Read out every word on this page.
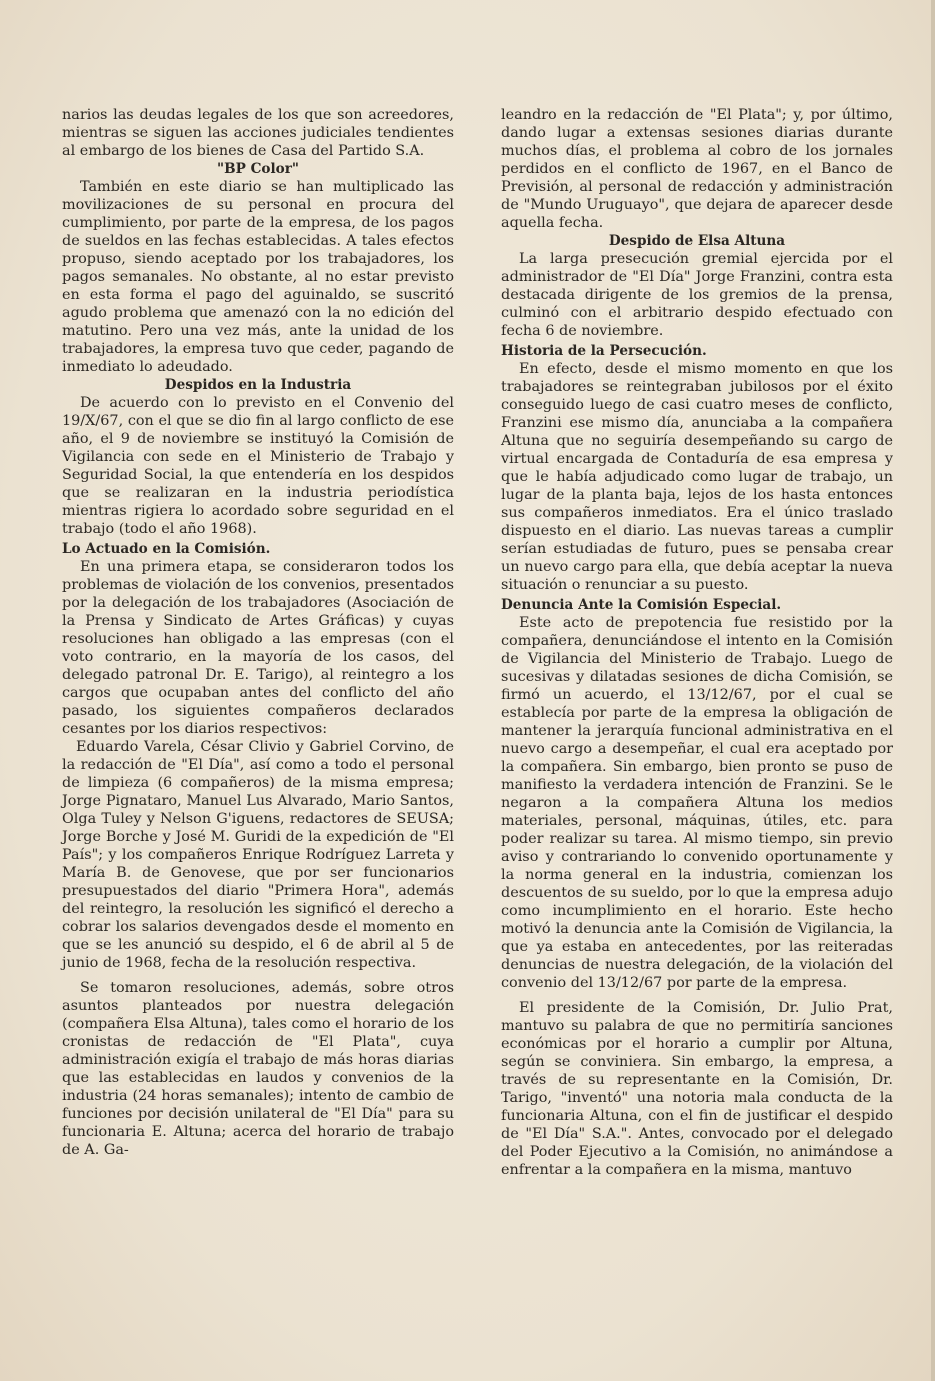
narios las deudas legales de los que son acreedores, mientras se siguen las acciones judiciales tendientes al embargo de los bienes de Casa del Partido S.A.

"BP Color"

También en este diario se han multiplicado las movilizaciones de su personal en procura del cumplimiento, por parte de la empresa, de los pagos de sueldos en las fechas establecidas. A tales efectos propuso, siendo aceptado por los trabajadores, los pagos semanales. No obstante, al no estar previsto en esta forma el pago del aguinaldo, se suscritó agudo problema que amenazó con la no edición del matutino. Pero una vez más, ante la unidad de los trabajadores, la empresa tuvo que ceder, pagando de inmediato lo adeudado.

Despidos en la Industria

De acuerdo con lo previsto en el Convenio del 19/X/67, con el que se dio fin al largo conflicto de ese año, el 9 de noviembre se instituyó la Comisión de Vigilancia con sede en el Ministerio de Trabajo y Seguridad Social, la que entendería en los despidos que se realizaran en la industria periodística mientras rigiera lo acordado sobre seguridad en el trabajo (todo el año 1968).

Lo Actuado en la Comisión.

En una primera etapa, se consideraron todos los problemas de violación de los convenios, presentados por la delegación de los trabajadores (Asociación de la Prensa y Sindicato de Artes Gráficas) y cuyas resoluciones han obligado a las empresas (con el voto contrario, en la mayoría de los casos, del delegado patronal Dr. E. Tarigo), al reintegro a los cargos que ocupaban antes del conflicto del año pasado, los siguientes compañeros declarados cesantes por los diarios respectivos:

Eduardo Varela, César Clivio y Gabriel Corvino, de la redacción de "El Día", así como a todo el personal de limpieza (6 compañeros) de la misma empresa; Jorge Pignataro, Manuel Lus Alvarado, Mario Santos, Olga Tuley y Nelson G'iguens, redactores de SEUSA; Jorge Borche y José M. Guridi de la expedición de "El País"; y los compañeros Enrique Rodríguez Larreta y María B. de Genovese, que por ser funcionarios presupuestados del diario "Primera Hora", además del reintegro, la resolución les significó el derecho a cobrar los salarios devengados desde el momento en que se les anunció su despido, el 6 de abril al 5 de junio de 1968, fecha de la resolución respectiva.

Se tomaron resoluciones, además, sobre otros asuntos planteados por nuestra delegación (compañera Elsa Altuna), tales como el horario de los cronistas de redacción de "El Plata", cuya administración exigía el trabajo de más horas diarias que las establecidas en laudos y convenios de la industria (24 horas semanales); intento de cambio de funciones por decisión unilateral de "El Día" para su funcionaria E. Altuna; acerca del horario de trabajo de A. Ga-

leandro en la redacción de "El Plata"; y, por último, dando lugar a extensas sesiones diarias durante muchos días, el problema al cobro de los jornales perdidos en el conflicto de 1967, en el Banco de Previsión, al personal de redacción y administración de "Mundo Uruguayo", que dejara de aparecer desde aquella fecha.

Despido de Elsa Altuna

La larga presecución gremial ejercida por el administrador de "El Día" Jorge Franzini, contra esta destacada dirigente de los gremios de la prensa, culminó con el arbitrario despido efectuado con fecha 6 de noviembre.

Historia de la Persecución.

En efecto, desde el mismo momento en que los trabajadores se reintegraban jubilosos por el éxito conseguido luego de casi cuatro meses de conflicto, Franzini ese mismo día, anunciaba a la compañera Altuna que no seguiría desempeñando su cargo de virtual encargada de Contaduría de esa empresa y que le había adjudicado como lugar de trabajo, un lugar de la planta baja, lejos de los hasta entonces sus compañeros inmediatos. Era el único traslado dispuesto en el diario. Las nuevas tareas a cumplir serían estudiadas de futuro, pues se pensaba crear un nuevo cargo para ella, que debía aceptar la nueva situación o renunciar a su puesto.

Denuncia Ante la Comisión Especial.

Este acto de prepotencia fue resistido por la compañera, denunciándose el intento en la Comisión de Vigilancia del Ministerio de Trabajo. Luego de sucesivas y dilatadas sesiones de dicha Comisión, se firmó un acuerdo, el 13/12/67, por el cual se establecía por parte de la empresa la obligación de mantener la jerarquía funcional administrativa en el nuevo cargo a desempeñar, el cual era aceptado por la compañera. Sin embargo, bien pronto se puso de manifiesto la verdadera intención de Franzini. Se le negaron a la compañera Altuna los medios materiales, personal, máquinas, útiles, etc. para poder realizar su tarea. Al mismo tiempo, sin previo aviso y contrariando lo convenido oportunamente y la norma general en la industria, comienzan los descuentos de su sueldo, por lo que la empresa adujo como incumplimiento en el horario. Este hecho motivó la denuncia ante la Comisión de Vigilancia, la que ya estaba en antecedentes, por las reiteradas denuncias de nuestra delegación, de la violación del convenio del 13/12/67 por parte de la empresa.

El presidente de la Comisión, Dr. Julio Prat, mantuvo su palabra de que no permitiría sanciones económicas por el horario a cumplir por Altuna, según se conviniera. Sin embargo, la empresa, a través de su representante en la Comisión, Dr. Tarigo, "inventó" una notoria mala conducta de la funcionaria Altuna, con el fin de justificar el despido de "El Día" S.A.". Antes, convocado por el delegado del Poder Ejecutivo a la Comisión, no animándose a enfrentar a la compañera en la misma, mantuvo
